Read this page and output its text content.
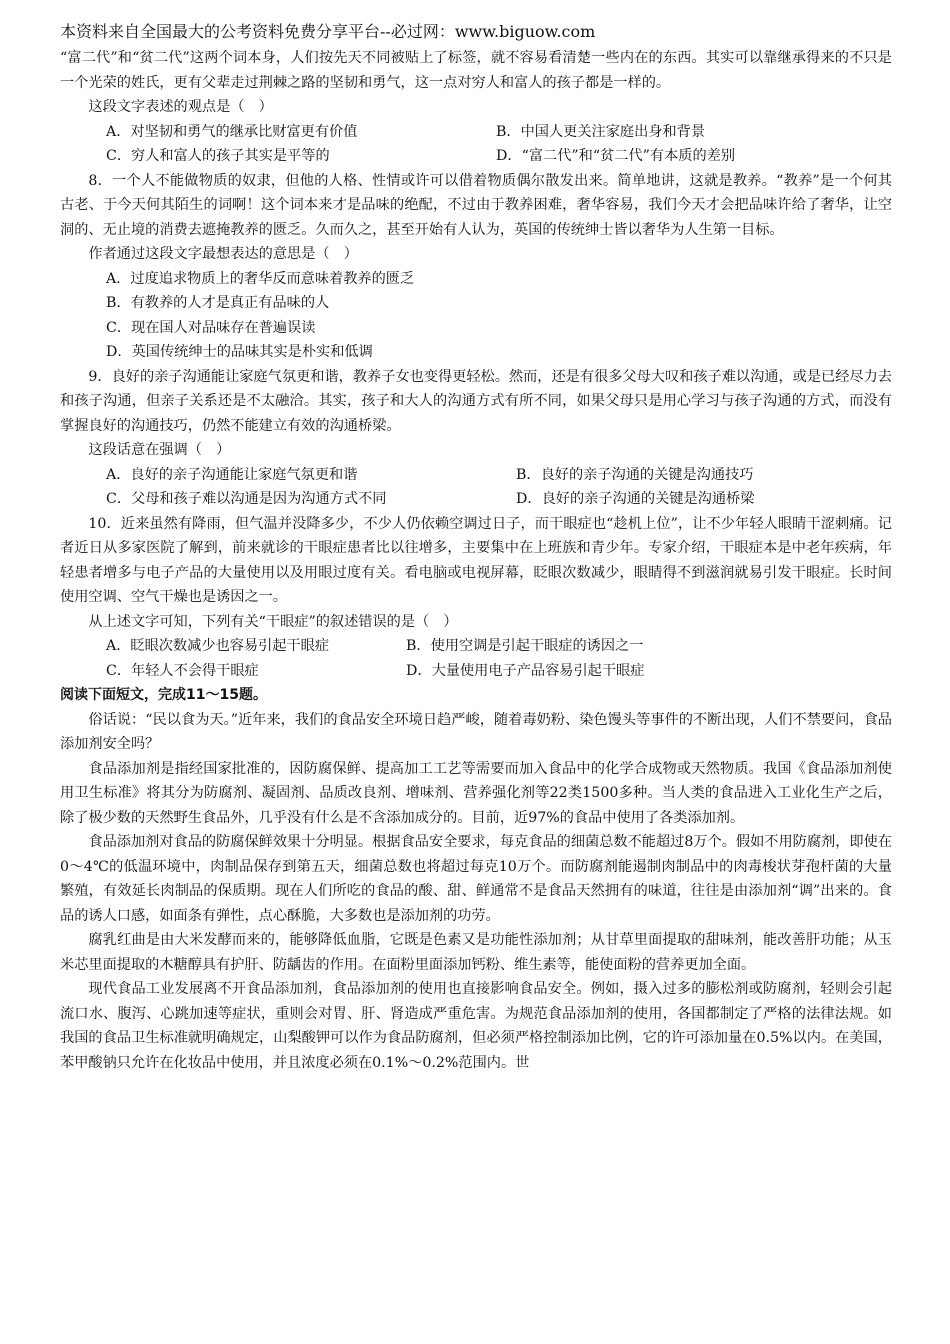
本资料来自全国最大的公考资料免费分享平台--必过网：www.biguow.com

“富二代”和“贫二代”这两个词本身，人们按先天不同被贴上了标签，就不容易看清楚一些内在的东西。其实可以靠继承得来的不只是一个光荣的姓氏，更有父辈走过荆棘之路的坚韧和勇气，这一点对穷人和富人的孩子都是一样的。

这段文字表述的观点是（　）

A．对坚韧和勇气的继承比财富更有价值	B．中国人更关注家庭出身和背景
C．穷人和富人的孩子其实是平等的	D．“富二代”和“贫二代”有本质的差别

8．一个人不能做物质的奴隶，但他的人格、性情或许可以借着物质偶尔散发出来。简单地讲，这就是教养。“教养”是一个何其古老、于今天何其陌生的词啊！这个词本来才是品味的绝配，不过由于教养困难，奢华容易，我们今天才会把品味许给了奢华，让空洞的、无止境的消费去遮掩教养的匮乏。久而久之，甚至开始有人认为，英国的传统绅士皆以奢华为人生第一目标。

作者通过这段文字最想表达的意思是（　）

A．过度追求物质上的奢华反而意味着教养的匮乏
B．有教养的人才是真正有品味的人
C．现在国人对品味存在普遍误读
D．英国传统绅士的品味其实是朴实和低调

9．良好的亲子沟通能让家庭气氛更和谐，教养子女也变得更轻松。然而，还是有很多父母大叹和孩子难以沟通，或是已经尽力去和孩子沟通，但亲子关系还是不太融洽。其实，孩子和大人的沟通方式有所不同，如果父母只是用心学习与孩子沟通的方式，而没有掌握良好的沟通技巧，仍然不能建立有效的沟通桥梁。

这段话意在强调（　）

A．良好的亲子沟通能让家庭气氛更和谐	B．良好的亲子沟通的关键是沟通技巧
C．父母和孩子难以沟通是因为沟通方式不同	D．良好的亲子沟通的关键是沟通桥梁

10．近来虽然有降雨，但气温并没降多少，不少人仍依赖空调过日子，而干眼症也“趁机上位”，让不少年轻人眼睛干涩刺痛。记者近日从多家医院了解到，前来就诊的干眼症患者比以往增多，主要集中在上班族和青少年。专家介绍，干眼症本是中老年疾病，年轻患者增多与电子产品的大量使用以及用眼过度有关。看电脑或电视屏幕，眨眼次数减少，眼睛得不到滋润就易引发干眼症。长时间使用空调、空气干燥也是诱因之一。

从上述文字可知，下列有关“干眼症”的叙述错误的是（　）

A．眨眼次数减少也容易引起干眼症	B．使用空调是引起干眼症的诱因之一
C．年轻人不会得干眼症	D．大量使用电子产品容易引起干眼症
阅读下面短文，完成11～15题。

俗话说：“民以食为天。”近年来，我们的食品安全环境日趋严峻，随着毒奶粉、染色馒头等事件的不断出现，人们不禁要问，食品添加剂安全吗？

食品添加剂是指经国家批准的，因防腐保鲜、提高加工工艺等需要而加入食品中的化学合成物或天然物质。我国《食品添加剂使用卫生标准》将其分为防腐剂、凝固剂、品质改良剂、增味剂、营养强化剂等22类1500多种。当人类的食品进入工业化生产之后，除了极少数的天然野生食品外，几乎没有什么是不含添加成分的。目前，近97%的食品中使用了各类添加剂。

食品添加剂对食品的防腐保鲜效果十分明显。根据食品安全要求，每克食品的细菌总数不能超过8万个。假如不用防腐剂，即使在0～4℃的低温环境中，肉制品保存到第五天，细菌总数也将超过每克10万个。而防腐剂能遏制肉制品中的肉毒梭状芽孢杆菌的大量繁殖，有效延长肉制品的保质期。现在人们所吃的食品的酸、甜、鲜通常不是食品天然拥有的味道，往往是由添加剂“调”出来的。食品的诱人口感，如面条有弹性，点心酥脆，大多数也是添加剂的功劳。

腐乳红曲是由大米发酵而来的，能够降低血脂，它既是色素又是功能性添加剂；从甘草里面提取的甜味剂，能改善肝功能；从玉米芯里面提取的木糖醇具有护肝、防龋齿的作用。在面粉里面添加钙粉、维生素等，能使面粉的营养更加全面。

现代食品工业发展离不开食品添加剂，食品添加剂的使用也直接影响食品安全。例如，摄入过多的膨松剂或防腐剂，轻则会引起流口水、腹泻、心跳加速等症状，重则会对胃、肝、肾造成严重危害。为规范食品添加剂的使用，各国都制定了严格的法律法规。如我国的食品卫生标准就明确规定，山梨酸钾可以作为食品防腐剂，但必须严格控制添加比例，它的许可添加量在0.5%以内。在美国，苯甲酸钠只允许在化妆品中使用，并且浓度必须在0.1%～0.2%范围内。世
